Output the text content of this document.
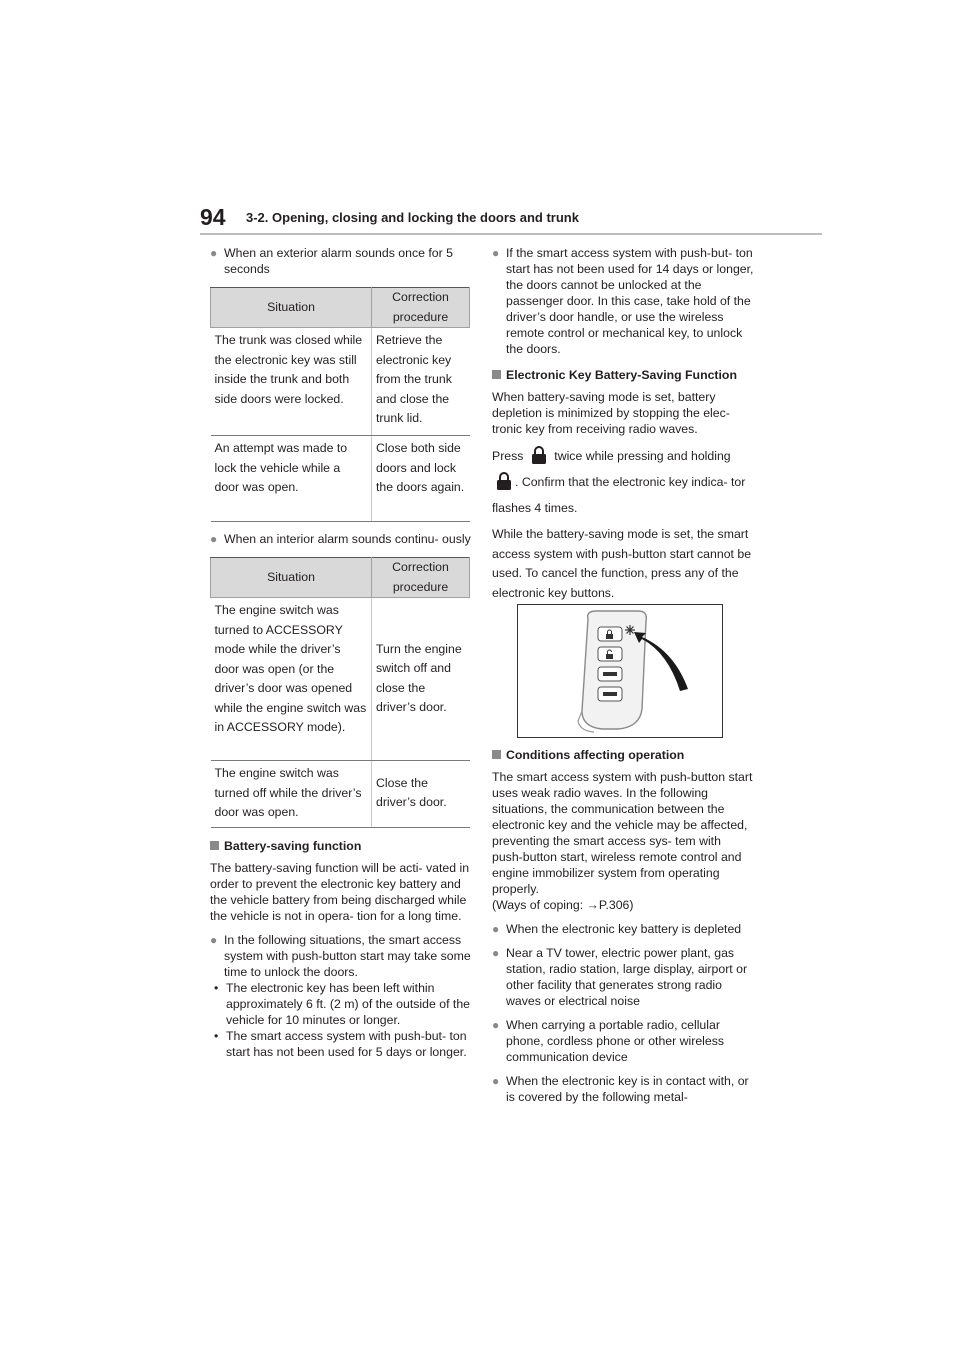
94 3-2. Opening, closing and locking the doors and trunk

● When an exterior alarm sounds once for 5 seconds

Situation	Correction procedure
The trunk was closed while the electronic key was still inside the trunk and both side doors were locked.	Retrieve the electronic key from the trunk and close the trunk lid.
An attempt was made to lock the vehicle while a door was open.	Close both side doors and lock the doors again.

● When an interior alarm sounds continu- ously

Situation	Correction procedure
The engine switch was turned to ACCESSORY mode while the driver’s door was open (or the driver’s door was opened while the engine switch was in ACCESSORY mode).	Turn the engine switch off and close the driver’s door.
The engine switch was turned off while the driver’s door was open.	Close the driver’s door.

Battery-saving function

The battery-saving function will be acti- vated in order to prevent the electronic key battery and the vehicle battery from being discharged while the vehicle is not in opera- tion for a long time.

● In the following situations, the smart access system with push-button start may take some time to unlock the doors.

• The electronic key has been left within approximately 6 ft. (2 m) of the outside of the vehicle for 10 minutes or longer.

• The smart access system with push-but- ton start has not been used for 5 days or longer.

● If the smart access system with push-but- ton start has not been used for 14 days or longer, the doors cannot be unlocked at the passenger door. In this case, take hold of the driver’s door handle, or use the wireless remote control or mechanical key, to unlock the doors.

Electronic Key Battery-Saving Function

When battery-saving mode is set, battery depletion is minimized by stopping the elec- tronic key from receiving radio waves.

Press	twice while pressing and holding
. Confirm that the electronic key indica- tor flashes 4 times.

While the battery-saving mode is set, the smart access system with push-button start cannot be used. To cancel the function, press any of the electronic key buttons.

Conditions affecting operation

The smart access system with push-button start uses weak radio waves. In the following situations, the communication between the electronic key and the vehicle may be affected, preventing the smart access sys- tem with push-button start, wireless remote control and engine immobilizer system from operating properly.

(Ways of coping: →P.306)

● When the electronic key battery is depleted

● Near a TV tower, electric power plant, gas station, radio station, large display, airport or other facility that generates strong radio waves or electrical noise

● When carrying a portable radio, cellular phone, cordless phone or other wireless communication device

● When the electronic key is in contact with, or is covered by the following metal-
